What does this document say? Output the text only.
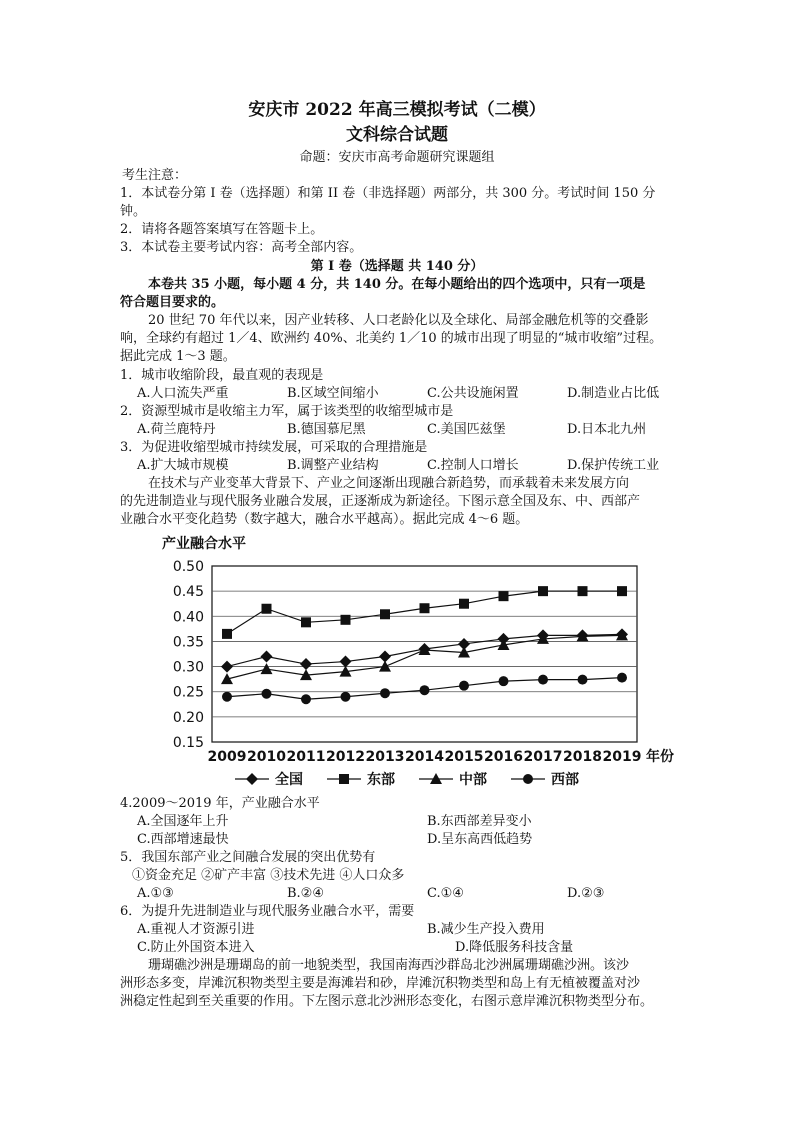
安庆市 2022 年高三模拟考试（二模）
文科综合试题
命题：安庆市高考命题研究课题组
考生注意：
1．本试卷分第 I 卷（选择题）和第 II 卷（非选择题）两部分，共 300 分。考试时间 150 分
钟。
2．请将各题答案填写在答题卡上。
3．本试卷主要考试内容：高考全部内容。
第 I 卷（选择题 共 140 分）
本卷共 35 小题，每小题 4 分，共 140 分。在每小题给出的四个选项中，只有一项是
符合题目要求的。
20 世纪 70 年代以来，因产业转移、人口老龄化以及全球化、局部金融危机等的交叠影
响，全球约有超过 1／4、欧洲约 40%、北美约 1／10 的城市出现了明显的“城市收缩”过程。
据此完成 1～3 题。
1．城市收缩阶段，最直观的表现是
A.人口流失严重	B.区域空间缩小	C.公共设施闲置	D.制造业占比低
2．资源型城市是收缩主力军，属于该类型的收缩型城市是
A.荷兰鹿特丹	B.德国慕尼黑	C.美国匹兹堡	D.日本北九州
3．为促进收缩型城市持续发展，可采取的合理措施是
A.扩大城市规模	B.调整产业结构	C.控制人口增长	D.保护传统工业
在技术与产业变革大背景下、产业之间逐渐出现融合新趋势，而承载着未来发展方向
的先进制造业与现代服务业融合发展，正逐渐成为新途径。下图示意全国及东、中、西部产
业融合水平变化趋势（数字越大，融合水平越高）。据此完成 4～6 题。
产业融合水平
0.15
0.20
0.25
0.30
0.35
0.40
0.45
0.50
2009 2010 2011 2012 2013 2014 2015 2016 2017 2018 2019 年份
全国	东部	中部	西部
4.2009～2019 年，产业融合水平
A.全国逐年上升	B.东西部差异变小
C.西部增速最快	D.呈东高西低趋势
5．我国东部产业之间融合发展的突出优势有
①资金充足 ②矿产丰富 ③技术先进 ④人口众多
A.①③	B.②④	C.①④	D.②③
6．为提升先进制造业与现代服务业融合水平，需要
A.重视人才资源引进	B.减少生产投入费用
C.防止外国资本进入	D.降低服务科技含量
珊瑚礁沙洲是珊瑚岛的前一地貌类型，我国南海西沙群岛北沙洲属珊瑚礁沙洲。该沙
洲形态多变，岸滩沉积物类型主要是海滩岩和砂，岸滩沉积物类型和岛上有无植被覆盖对沙
洲稳定性起到至关重要的作用。下左图示意北沙洲形态变化，右图示意岸滩沉积物类型分布。
